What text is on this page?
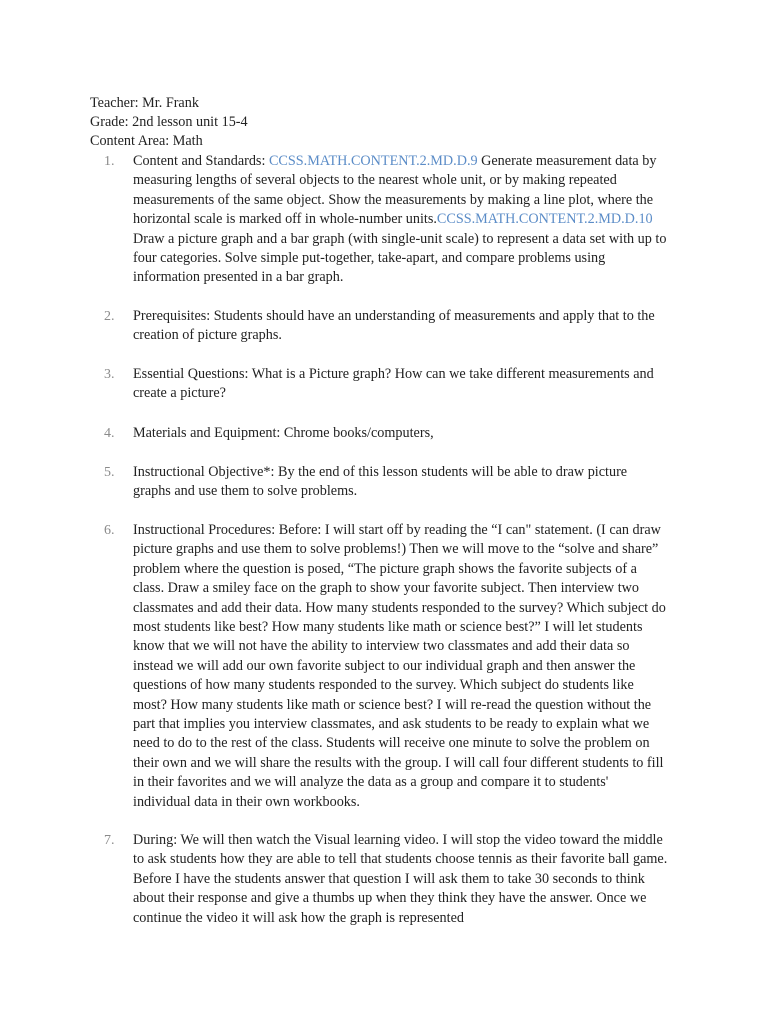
Teacher: Mr. Frank
Grade: 2nd lesson unit 15-4
Content Area: Math
1.	Content and Standards: CCSS.MATH.CONTENT.2.MD.D.9 Generate measurement data by measuring lengths of several objects to the nearest whole unit, or by making repeated measurements of the same object. Show the measurements by making a line plot, where the horizontal scale is marked off in whole-number units.CCSS.MATH.CONTENT.2.MD.D.10 Draw a picture graph and a bar graph (with single-unit scale) to represent a data set with up to four categories. Solve simple put-together, take-apart, and compare problems using information presented in a bar graph.
2.	Prerequisites: Students should have an understanding of measurements and apply that to the creation of picture graphs.
3.	Essential Questions: What is a Picture graph? How can we take different measurements and create a picture?
4.	Materials and Equipment: Chrome books/computers,
5.	Instructional Objective*: By the end of this lesson students will be able to draw picture graphs and use them to solve problems.
6.	Instructional Procedures: Before: I will start off by reading the “I can" statement. (I can draw picture graphs and use them to solve problems!) Then we will move to the “solve and share” problem where the question is posed, “The picture graph shows the favorite subjects of a class. Draw a smiley face on the graph to show your favorite subject. Then interview two classmates and add their data. How many students responded to the survey? Which subject do most students like best? How many students like math or science best?” I will let students know that we will not have the ability to interview two classmates and add their data so instead we will add our own favorite subject to our individual graph and then answer the questions of how many students responded to the survey. Which subject do students like most? How many students like math or science best? I will re-read the question without the part that implies you interview classmates, and ask students to be ready to explain what we need to do to the rest of the class. Students will receive one minute to solve the problem on their own and we will share the results with the group. I will call four different students to fill in their favorites and we will analyze the data as a group and compare it to students' individual data in their own workbooks.
7.	During: We will then watch the Visual learning video. I will stop the video toward the middle to ask students how they are able to tell that students choose tennis as their favorite ball game. Before I have the students answer that question I will ask them to take 30 seconds to think about their response and give a thumbs up when they think they have the answer. Once we continue the video it will ask how the graph is represented
